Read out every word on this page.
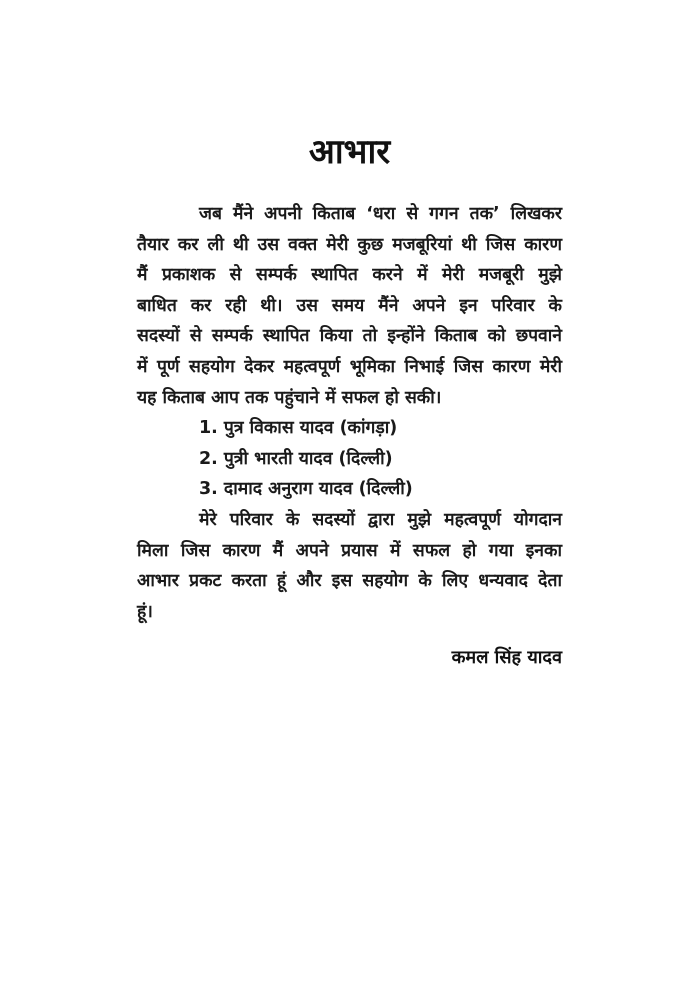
आभार
जब मैंने अपनी किताब ‘धरा से गगन तक’ लिखकर
तैयार कर ली थी उस वक्त मेरी कुछ मजबूरियां थी जिस कारण
मैं प्रकाशक से सम्पर्क स्थापित करने में मेरी मजबूरी मुझे
बाधित कर रही थी। उस समय मैंने अपने इन परिवार के
सदस्यों से सम्पर्क स्थापित किया तो इन्होंने किताब को छपवाने
में पूर्ण सहयोग देकर महत्वपूर्ण भूमिका निभाई जिस कारण मेरी
यह किताब आप तक पहुंचाने में सफल हो सकी।
1. पुत्र विकास यादव (कांगड़ा)
2. पुत्री भारती यादव (दिल्ली)
3. दामाद अनुराग यादव (दिल्ली)
मेरे परिवार के सदस्यों द्वारा मुझे महत्वपूर्ण योगदान
मिला जिस कारण मैं अपने प्रयास में सफल हो गया इनका
आभार प्रकट करता हूं और इस सहयोग के लिए धन्यवाद देता
हूं।
कमल सिंह यादव
